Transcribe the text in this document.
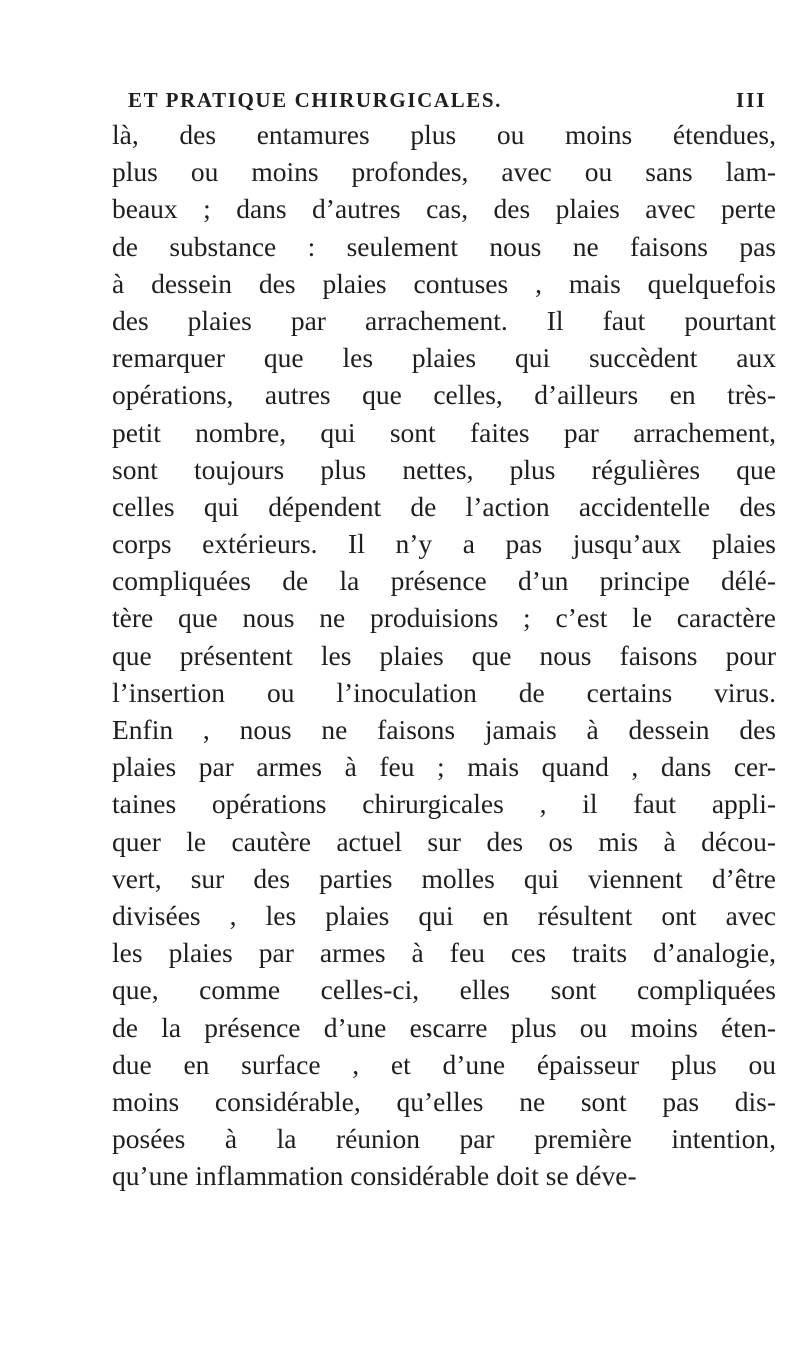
ET PRATIQUE CHIRURGICALES.	III
là, des entamures plus ou moins étendues,
plus ou moins profondes, avec ou sans lam-
beaux ; dans d’autres cas, des plaies avec perte
de substance : seulement nous ne faisons pas
à dessein des plaies contuses , mais quelquefois
des plaies par arrachement. Il faut pourtant
remarquer que les plaies qui succèdent aux
opérations, autres que celles, d’ailleurs en très-
petit nombre, qui sont faites par arrachement,
sont toujours plus nettes, plus régulières que
celles qui dépendent de l’action accidentelle des
corps extérieurs. Il n’y a pas jusqu’aux plaies
compliquées de la présence d’un principe délé-
tère que nous ne produisions ; c’est le caractère
que présentent les plaies que nous faisons pour
l’insertion ou l’inoculation de certains virus.
Enfin , nous ne faisons jamais à dessein des
plaies par armes à feu ; mais quand , dans cer-
taines opérations chirurgicales , il faut appli-
quer le cautère actuel sur des os mis à décou-
vert, sur des parties molles qui viennent d’être
divisées , les plaies qui en résultent ont avec
les plaies par armes à feu ces traits d’analogie,
que, comme celles-ci, elles sont compliquées
de la présence d’une escarre plus ou moins éten-
due en surface , et d’une épaisseur plus ou
moins considérable, qu’elles ne sont pas dis-
posées à la réunion par première intention,
qu’une inflammation considérable doit se déve-
